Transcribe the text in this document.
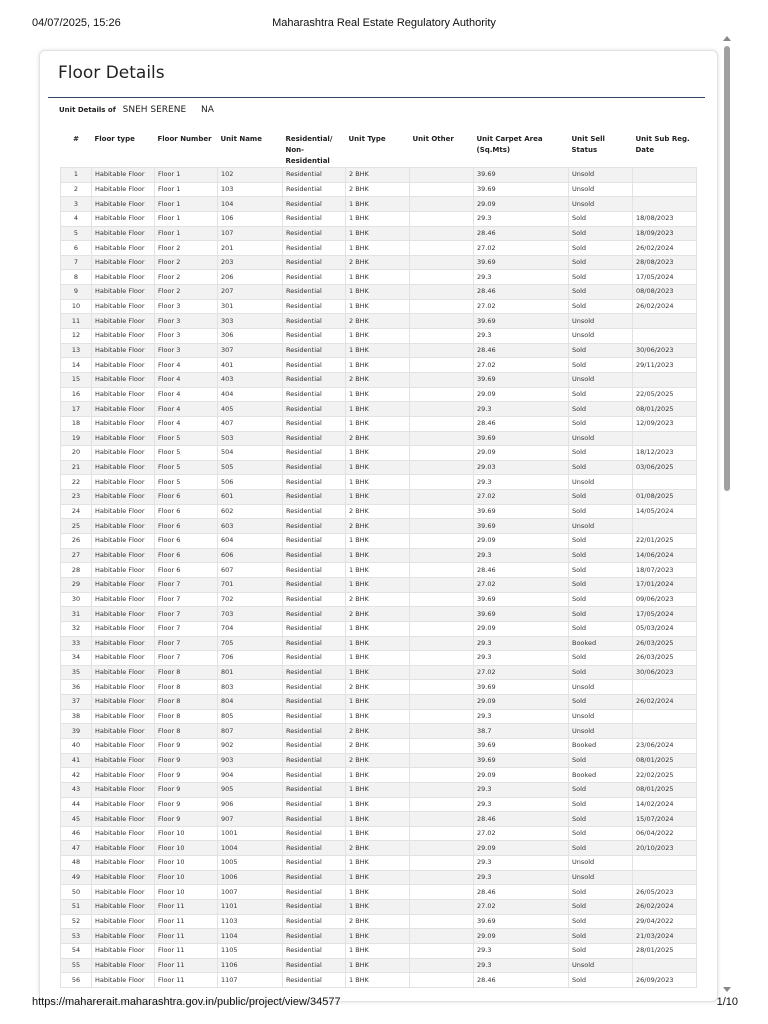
04/07/2025, 15:26	Maharashtra Real Estate Regulatory Authority
Floor Details
Unit Details of SNEH SERENE NA
#	Floor type	Floor Number	Unit Name	Residential/ Non-Residential	Unit Type	Unit Other	Unit Carpet Area (Sq.Mts)	Unit Sell Status	Unit Sub Reg. Date
1	Habitable Floor	Floor 1	102	Residential	2 BHK		39.69	Unsold	
2	Habitable Floor	Floor 1	103	Residential	2 BHK		39.69	Unsold	
3	Habitable Floor	Floor 1	104	Residential	1 BHK		29.09	Unsold	
4	Habitable Floor	Floor 1	106	Residential	1 BHK		29.3	Sold	18/08/2023
5	Habitable Floor	Floor 1	107	Residential	1 BHK		28.46	Sold	18/09/2023
6	Habitable Floor	Floor 2	201	Residential	1 BHK		27.02	Sold	26/02/2024
7	Habitable Floor	Floor 2	203	Residential	2 BHK		39.69	Sold	28/08/2023
8	Habitable Floor	Floor 2	206	Residential	1 BHK		29.3	Sold	17/05/2024
9	Habitable Floor	Floor 2	207	Residential	1 BHK		28.46	Sold	08/08/2023
10	Habitable Floor	Floor 3	301	Residential	1 BHK		27.02	Sold	26/02/2024
11	Habitable Floor	Floor 3	303	Residential	2 BHK		39.69	Unsold	
12	Habitable Floor	Floor 3	306	Residential	1 BHK		29.3	Unsold	
13	Habitable Floor	Floor 3	307	Residential	1 BHK		28.46	Sold	30/06/2023
14	Habitable Floor	Floor 4	401	Residential	1 BHK		27.02	Sold	29/11/2023
15	Habitable Floor	Floor 4	403	Residential	2 BHK		39.69	Unsold	
16	Habitable Floor	Floor 4	404	Residential	1 BHK		29.09	Sold	22/05/2025
17	Habitable Floor	Floor 4	405	Residential	1 BHK		29.3	Sold	08/01/2025
18	Habitable Floor	Floor 4	407	Residential	1 BHK		28.46	Sold	12/09/2023
19	Habitable Floor	Floor 5	503	Residential	2 BHK		39.69	Unsold	
20	Habitable Floor	Floor 5	504	Residential	1 BHK		29.09	Sold	18/12/2023
21	Habitable Floor	Floor 5	505	Residential	1 BHK		29.03	Sold	03/06/2025
22	Habitable Floor	Floor 5	506	Residential	1 BHK		29.3	Unsold	
23	Habitable Floor	Floor 6	601	Residential	1 BHK		27.02	Sold	01/08/2025
24	Habitable Floor	Floor 6	602	Residential	2 BHK		39.69	Sold	14/05/2024
25	Habitable Floor	Floor 6	603	Residential	2 BHK		39.69	Unsold	
26	Habitable Floor	Floor 6	604	Residential	1 BHK		29.09	Sold	22/01/2025
27	Habitable Floor	Floor 6	606	Residential	1 BHK		29.3	Sold	14/06/2024
28	Habitable Floor	Floor 6	607	Residential	1 BHK		28.46	Sold	18/07/2023
29	Habitable Floor	Floor 7	701	Residential	1 BHK		27.02	Sold	17/01/2024
30	Habitable Floor	Floor 7	702	Residential	2 BHK		39.69	Sold	09/06/2023
31	Habitable Floor	Floor 7	703	Residential	2 BHK		39.69	Sold	17/05/2024
32	Habitable Floor	Floor 7	704	Residential	1 BHK		29.09	Sold	05/03/2024
33	Habitable Floor	Floor 7	705	Residential	1 BHK		29.3	Booked	26/03/2025
34	Habitable Floor	Floor 7	706	Residential	1 BHK		29.3	Sold	26/03/2025
35	Habitable Floor	Floor 8	801	Residential	1 BHK		27.02	Sold	30/06/2023
36	Habitable Floor	Floor 8	803	Residential	2 BHK		39.69	Unsold	
37	Habitable Floor	Floor 8	804	Residential	1 BHK		29.09	Sold	26/02/2024
38	Habitable Floor	Floor 8	805	Residential	1 BHK		29.3	Unsold	
39	Habitable Floor	Floor 8	807	Residential	2 BHK		38.7	Unsold	
40	Habitable Floor	Floor 9	902	Residential	2 BHK		39.69	Booked	23/06/2024
41	Habitable Floor	Floor 9	903	Residential	2 BHK		39.69	Sold	08/01/2025
42	Habitable Floor	Floor 9	904	Residential	1 BHK		29.09	Booked	22/02/2025
43	Habitable Floor	Floor 9	905	Residential	1 BHK		29.3	Sold	08/01/2025
44	Habitable Floor	Floor 9	906	Residential	1 BHK		29.3	Sold	14/02/2024
45	Habitable Floor	Floor 9	907	Residential	1 BHK		28.46	Sold	15/07/2024
46	Habitable Floor	Floor 10	1001	Residential	1 BHK		27.02	Sold	06/04/2022
47	Habitable Floor	Floor 10	1004	Residential	2 BHK		29.09	Sold	20/10/2023
48	Habitable Floor	Floor 10	1005	Residential	1 BHK		29.3	Unsold	
49	Habitable Floor	Floor 10	1006	Residential	1 BHK		29.3	Unsold	
50	Habitable Floor	Floor 10	1007	Residential	1 BHK		28.46	Sold	26/05/2023
51	Habitable Floor	Floor 11	1101	Residential	1 BHK		27.02	Sold	26/02/2024
52	Habitable Floor	Floor 11	1103	Residential	2 BHK		39.69	Sold	29/04/2022
53	Habitable Floor	Floor 11	1104	Residential	1 BHK		29.09	Sold	21/03/2024
54	Habitable Floor	Floor 11	1105	Residential	1 BHK		29.3	Sold	28/01/2025
55	Habitable Floor	Floor 11	1106	Residential	1 BHK		29.3	Unsold	
56	Habitable Floor	Floor 11	1107	Residential	1 BHK		28.46	Sold	26/09/2023
https://maharerait.maharashtra.gov.in/public/project/view/34577	1/10
